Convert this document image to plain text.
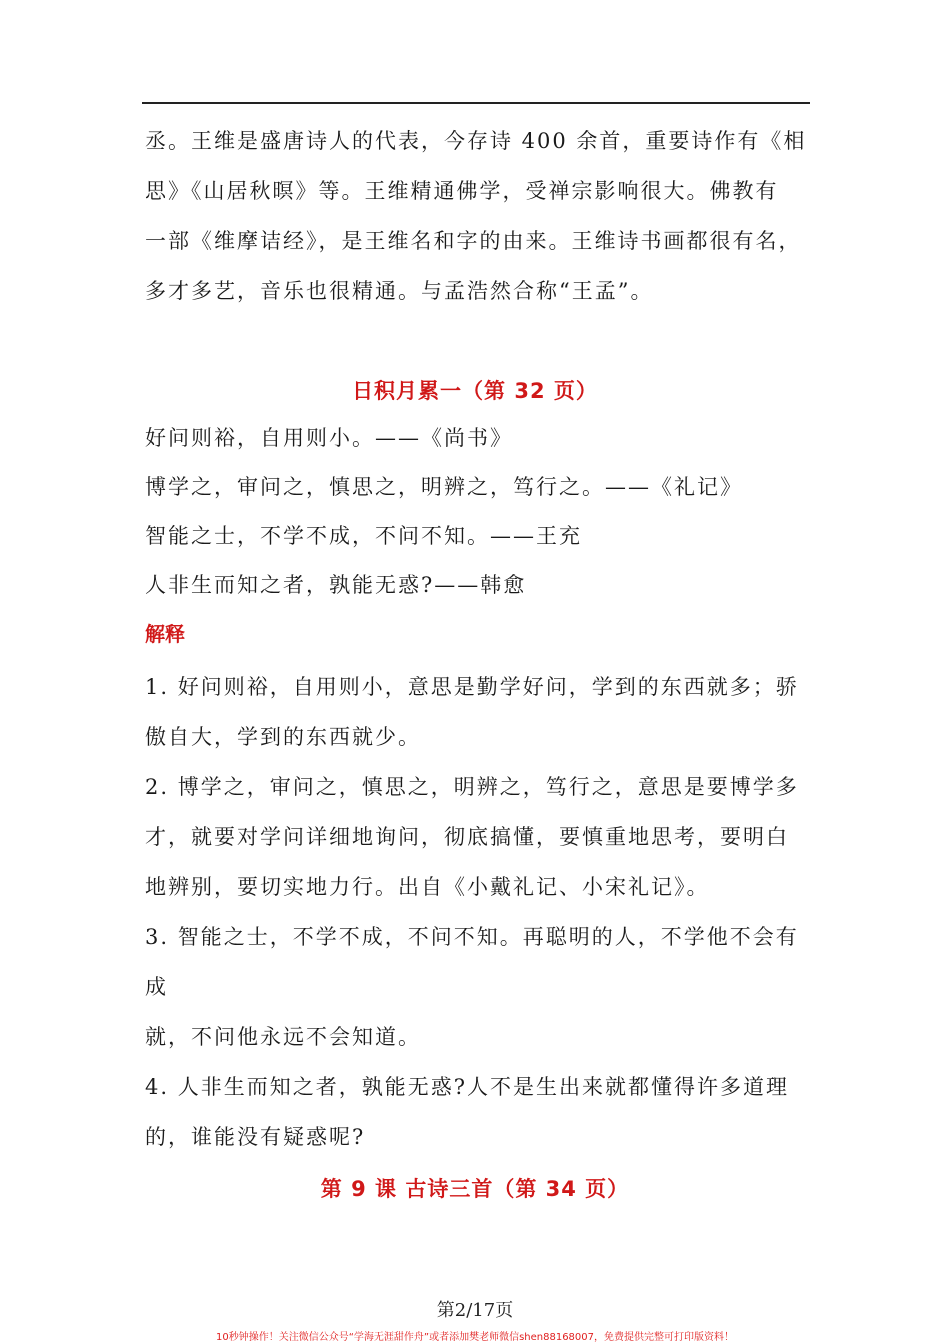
丞。王维是盛唐诗人的代表，今存诗 400 余首，重要诗作有《相

思》《山居秋暝》等。王维精通佛学，受禅宗影响很大。佛教有

一部《维摩诘经》，是王维名和字的由来。王维诗书画都很有名，

多才多艺，音乐也很精通。与孟浩然合称“王孟”。

日积月累一（第 32 页）

好问则裕，自用则小。——《尚书》

博学之，审问之，慎思之，明辨之，笃行之。——《礼记》

智能之士，不学不成，不问不知。——王充

人非生而知之者，孰能无惑?——韩愈

解释

1. 好问则裕，自用则小，意思是勤学好问，学到的东西就多；骄

傲自大，学到的东西就少。

2. 博学之，审问之，慎思之，明辨之，笃行之，意思是要博学多

才，就要对学问详细地询问，彻底搞懂，要慎重地思考，要明白

地辨别，要切实地力行。出自《小戴礼记、小宋礼记》。

3. 智能之士，不学不成，不问不知。再聪明的人，不学他不会有成

就，不问他永远不会知道。

4. 人非生而知之者，孰能无惑?人不是生出来就都懂得许多道理

的，谁能没有疑惑呢?

第 9 课 古诗三首（第 34 页）
第2/17页
10秒钟操作！关注微信公众号“学海无涯甜作舟”或者添加樊老师微信shen88168007，免费提供完整可打印版资料！
